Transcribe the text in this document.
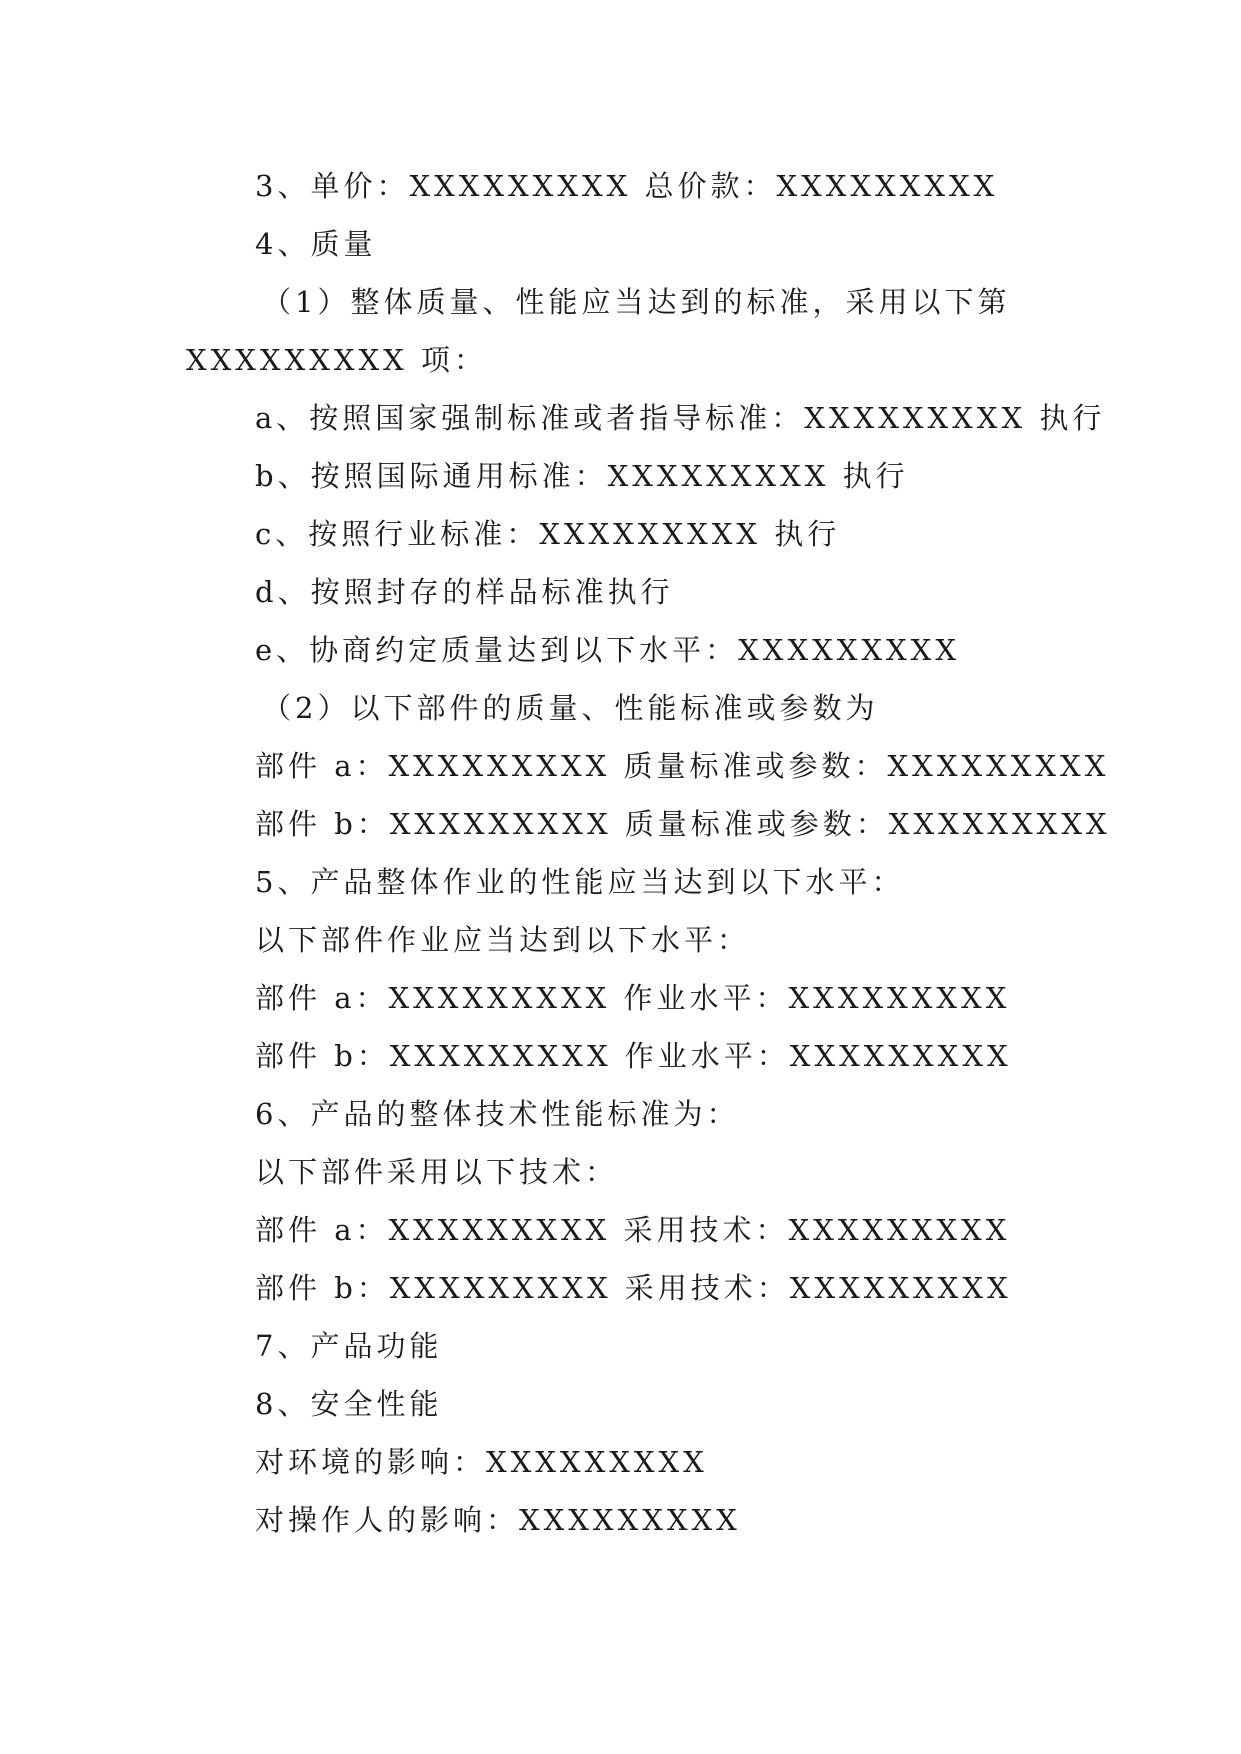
3、单价：XXXXXXXXX 总价款：XXXXXXXXX
4、质量
（1）整体质量、性能应当达到的标准，采用以下第
XXXXXXXXX 项：
a、按照国家强制标准或者指导标准：XXXXXXXXX 执行
b、按照国际通用标准：XXXXXXXXX 执行
c、按照行业标准：XXXXXXXXX 执行
d、按照封存的样品标准执行
e、协商约定质量达到以下水平：XXXXXXXXX
（2）以下部件的质量、性能标准或参数为
部件 a：XXXXXXXXX 质量标准或参数：XXXXXXXXX
部件 b：XXXXXXXXX 质量标准或参数：XXXXXXXXX
5、产品整体作业的性能应当达到以下水平：
以下部件作业应当达到以下水平：
部件 a：XXXXXXXXX 作业水平：XXXXXXXXX
部件 b：XXXXXXXXX 作业水平：XXXXXXXXX
6、产品的整体技术性能标准为：
以下部件采用以下技术：
部件 a：XXXXXXXXX 采用技术：XXXXXXXXX
部件 b：XXXXXXXXX 采用技术：XXXXXXXXX
7、产品功能
8、安全性能
对环境的影响：XXXXXXXXX
对操作人的影响：XXXXXXXXX
